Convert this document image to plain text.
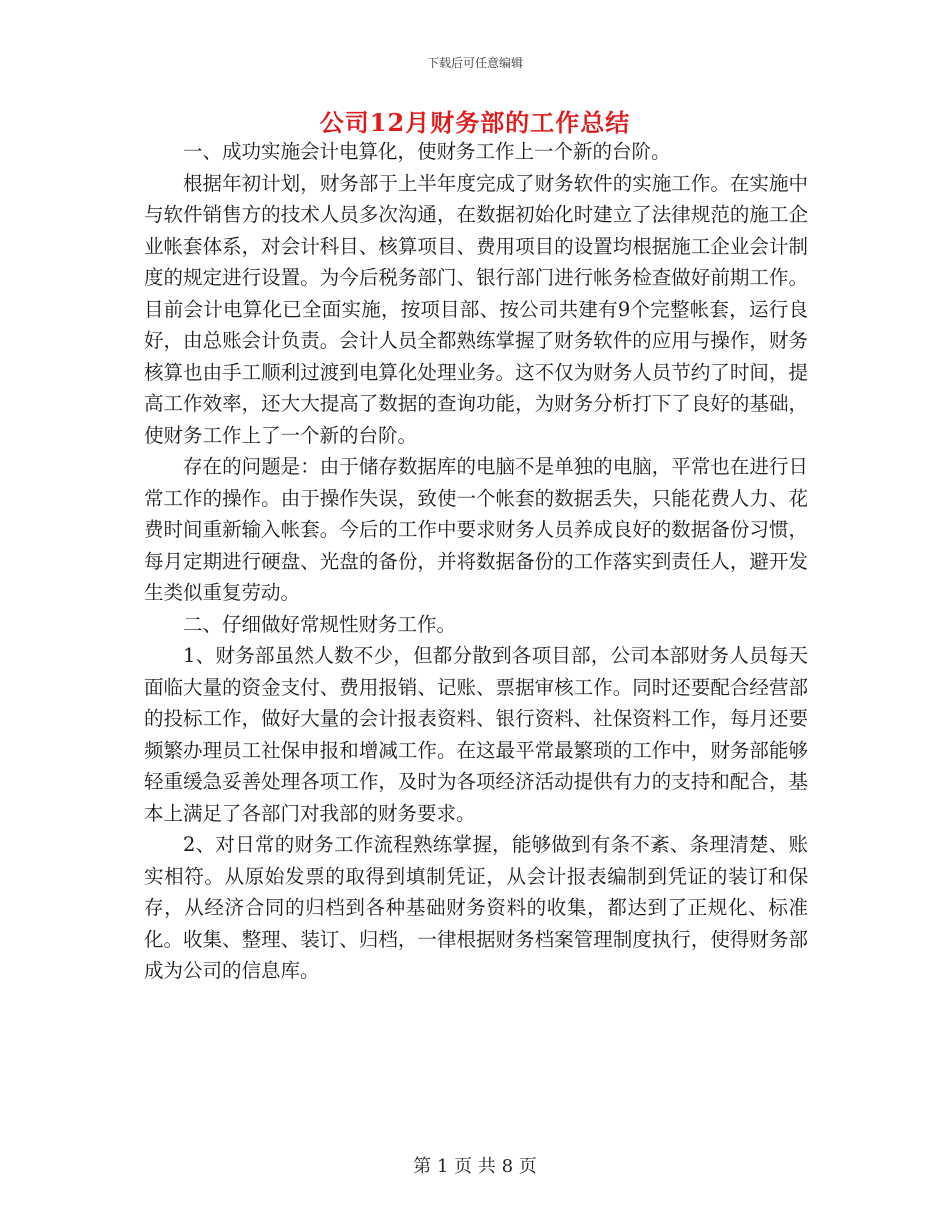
下载后可任意编辑
公司12月财务部的工作总结

一、成功实施会计电算化，使财务工作上一个新的台阶。

根据年初计划，财务部于上半年度完成了财务软件的实施工作。在实施中与软件销售方的技术人员多次沟通，在数据初始化时建立了法律规范的施工企业帐套体系，对会计科目、核算项目、费用项目的设置均根据施工企业会计制度的规定进行设置。为今后税务部门、银行部门进行帐务检查做好前期工作。目前会计电算化已全面实施，按项目部、按公司共建有9个完整帐套，运行良好，由总账会计负责。会计人员全都熟练掌握了财务软件的应用与操作，财务核算也由手工顺利过渡到电算化处理业务。这不仅为财务人员节约了时间，提高工作效率，还大大提高了数据的查询功能，为财务分析打下了良好的基础，使财务工作上了一个新的台阶。

存在的问题是：由于储存数据库的电脑不是单独的电脑，平常也在进行日常工作的操作。由于操作失误，致使一个帐套的数据丢失，只能花费人力、花费时间重新输入帐套。今后的工作中要求财务人员养成良好的数据备份习惯，每月定期进行硬盘、光盘的备份，并将数据备份的工作落实到责任人，避开发生类似重复劳动。

二、仔细做好常规性财务工作。

1、财务部虽然人数不少，但都分散到各项目部，公司本部财务人员每天面临大量的资金支付、费用报销、记账、票据审核工作。同时还要配合经营部的投标工作，做好大量的会计报表资料、银行资料、社保资料工作，每月还要频繁办理员工社保申报和增减工作。在这最平常最繁琐的工作中，财务部能够轻重缓急妥善处理各项工作，及时为各项经济活动提供有力的支持和配合，基本上满足了各部门对我部的财务要求。

2、对日常的财务工作流程熟练掌握，能够做到有条不紊、条理清楚、账实相符。从原始发票的取得到填制凭证，从会计报表编制到凭证的装订和保存，从经济合同的归档到各种基础财务资料的收集，都达到了正规化、标准化。收集、整理、装订、归档，一律根据财务档案管理制度执行，使得财务部成为公司的信息库。

第 1 页 共 8 页
